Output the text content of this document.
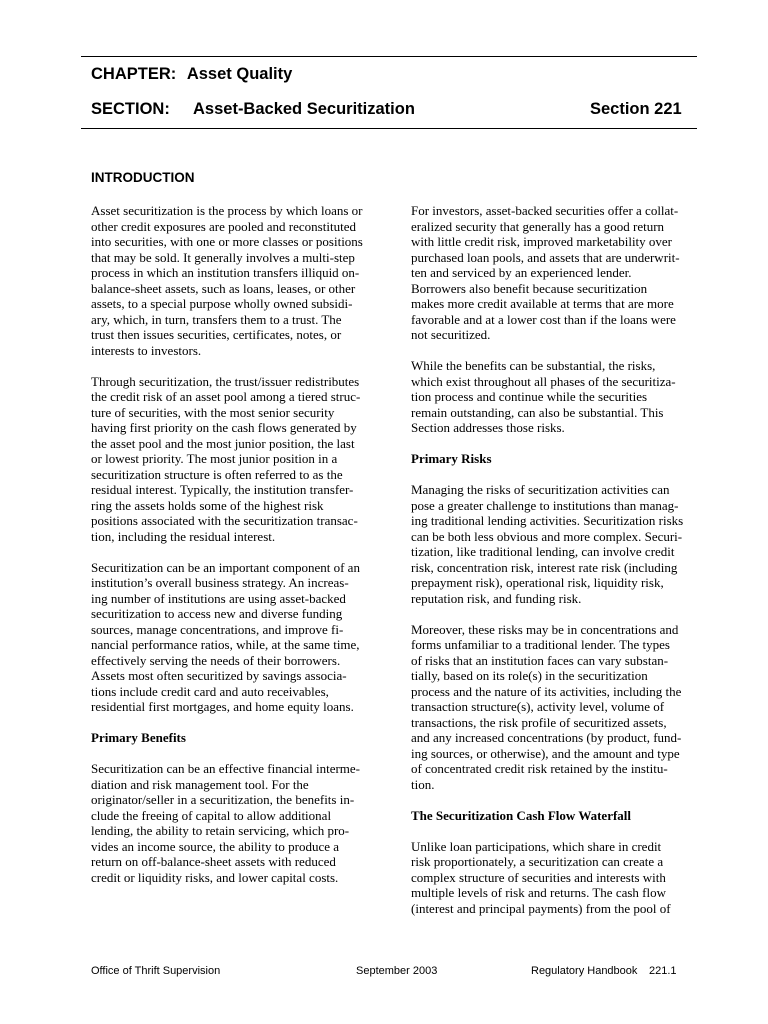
CHAPTER: Asset Quality
SECTION: Asset-Backed Securitization	Section 221
INTRODUCTION
Asset securitization is the process by which loans or
other credit exposures are pooled and reconstituted
into securities, with one or more classes or positions
that may be sold. It generally involves a multi-step
process in which an institution transfers illiquid on-
balance-sheet assets, such as loans, leases, or other
assets, to a special purpose wholly owned subsidi-
ary, which, in turn, transfers them to a trust. The
trust then issues securities, certificates, notes, or
interests to investors.
Through securitization, the trust/issuer redistributes
the credit risk of an asset pool among a tiered struc-
ture of securities, with the most senior security
having first priority on the cash flows generated by
the asset pool and the most junior position, the last
or lowest priority. The most junior position in a
securitization structure is often referred to as the
residual interest. Typically, the institution transfer-
ring the assets holds some of the highest risk
positions associated with the securitization transac-
tion, including the residual interest.
Securitization can be an important component of an
institution’s overall business strategy. An increas-
ing number of institutions are using asset-backed
securitization to access new and diverse funding
sources, manage concentrations, and improve fi-
nancial performance ratios, while, at the same time,
effectively serving the needs of their borrowers.
Assets most often securitized by savings associa-
tions include credit card and auto receivables,
residential first mortgages, and home equity loans.
Primary Benefits
Securitization can be an effective financial interme-
diation and risk management tool. For the
originator/seller in a securitization, the benefits in-
clude the freeing of capital to allow additional
lending, the ability to retain servicing, which pro-
vides an income source, the ability to produce a
return on off-balance-sheet assets with reduced
credit or liquidity risks, and lower capital costs.
For investors, asset-backed securities offer a collat-
eralized security that generally has a good return
with little credit risk, improved marketability over
purchased loan pools, and assets that are underwrit-
ten and serviced by an experienced lender.
Borrowers also benefit because securitization
makes more credit available at terms that are more
favorable and at a lower cost than if the loans were
not securitized.
While the benefits can be substantial, the risks,
which exist throughout all phases of the securitiza-
tion process and continue while the securities
remain outstanding, can also be substantial. This
Section addresses those risks.
Primary Risks
Managing the risks of securitization activities can
pose a greater challenge to institutions than manag-
ing traditional lending activities. Securitization risks
can be both less obvious and more complex. Securi-
tization, like traditional lending, can involve credit
risk, concentration risk, interest rate risk (including
prepayment risk), operational risk, liquidity risk,
reputation risk, and funding risk.
Moreover, these risks may be in concentrations and
forms unfamiliar to a traditional lender. The types
of risks that an institution faces can vary substan-
tially, based on its role(s) in the securitization
process and the nature of its activities, including the
transaction structure(s), activity level, volume of
transactions, the risk profile of securitized assets,
and any increased concentrations (by product, fund-
ing sources, or otherwise), and the amount and type
of concentrated credit risk retained by the institu-
tion.
The Securitization Cash Flow Waterfall
Unlike loan participations, which share in credit
risk proportionately, a securitization can create a
complex structure of securities and interests with
multiple levels of risk and returns. The cash flow
(interest and principal payments) from the pool of
Office of Thrift Supervision	September 2003	Regulatory Handbook 221.1
